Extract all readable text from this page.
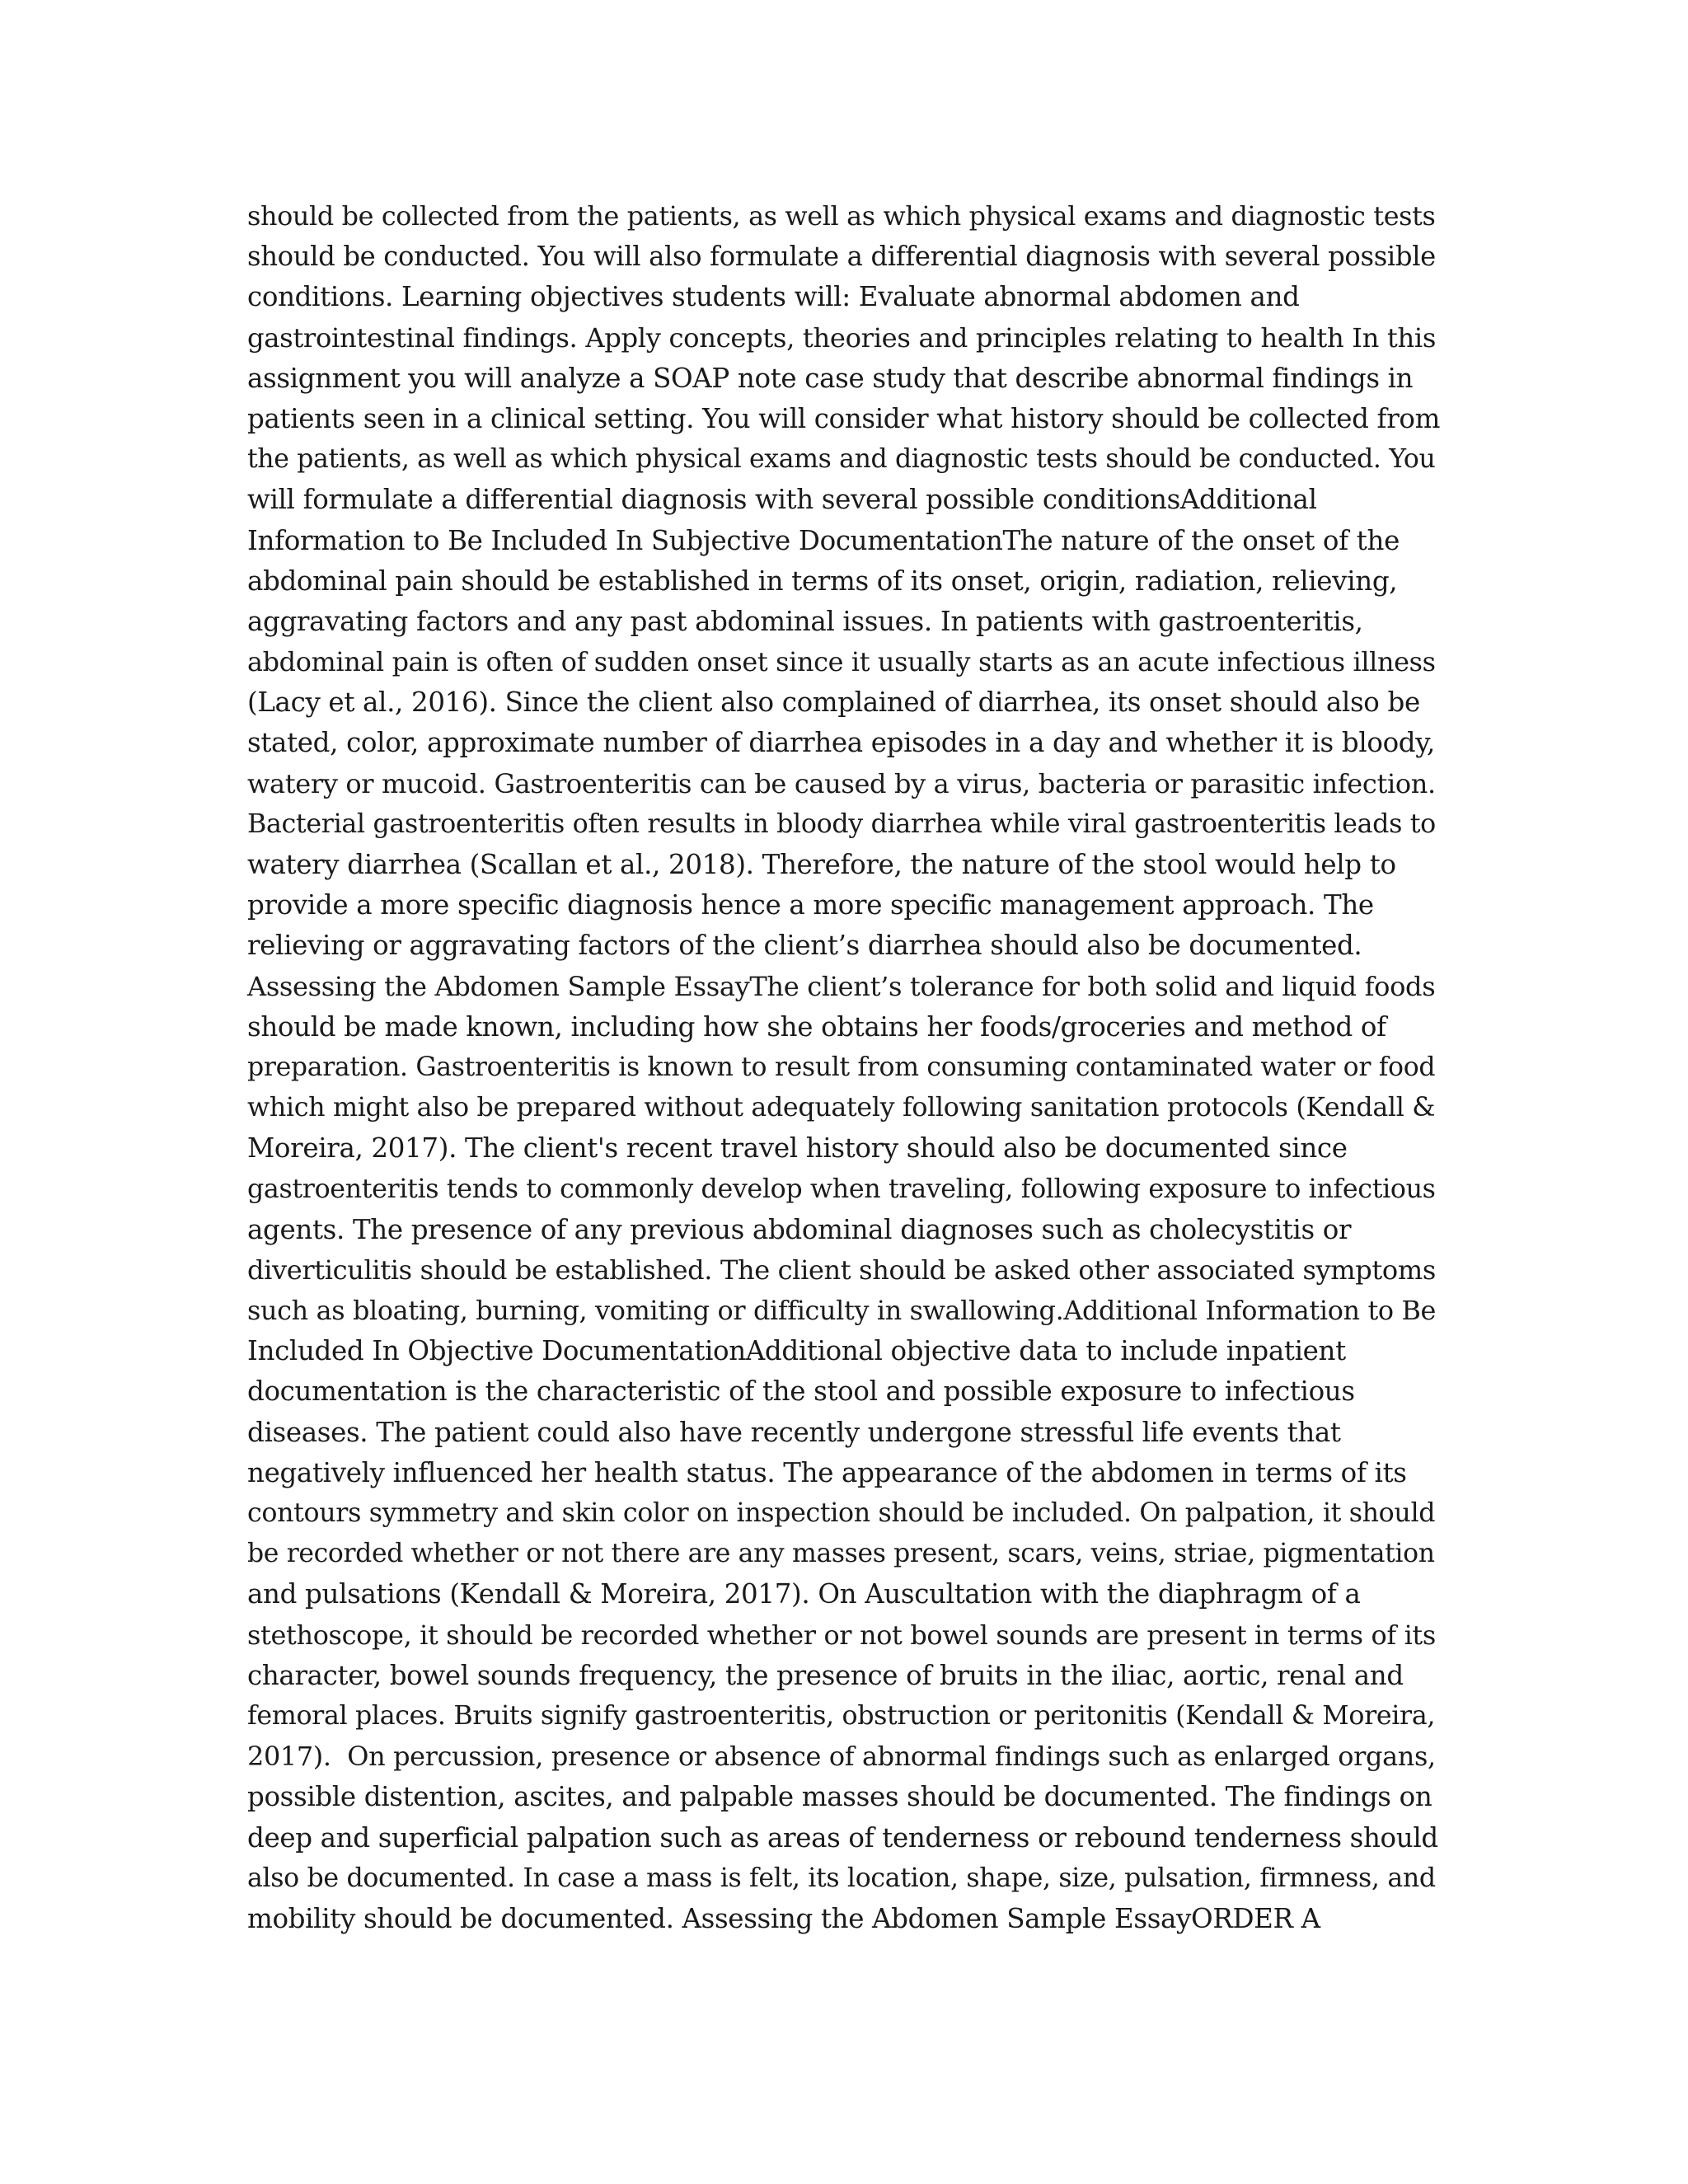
should be collected from the patients, as well as which physical exams and diagnostic tests
should be conducted. You will also formulate a differential diagnosis with several possible
conditions. Learning objectives students will: Evaluate abnormal abdomen and
gastrointestinal findings. Apply concepts, theories and principles relating to health In this
assignment you will analyze a SOAP note case study that describe abnormal findings in
patients seen in a clinical setting. You will consider what history should be collected from
the patients, as well as which physical exams and diagnostic tests should be conducted. You
will formulate a differential diagnosis with several possible conditionsAdditional
Information to Be Included In Subjective DocumentationThe nature of the onset of the
abdominal pain should be established in terms of its onset, origin, radiation, relieving,
aggravating factors and any past abdominal issues. In patients with gastroenteritis,
abdominal pain is often of sudden onset since it usually starts as an acute infectious illness
(Lacy et al., 2016). Since the client also complained of diarrhea, its onset should also be
stated, color, approximate number of diarrhea episodes in a day and whether it is bloody,
watery or mucoid. Gastroenteritis can be caused by a virus, bacteria or parasitic infection.
Bacterial gastroenteritis often results in bloody diarrhea while viral gastroenteritis leads to
watery diarrhea (Scallan et al., 2018). Therefore, the nature of the stool would help to
provide a more specific diagnosis hence a more specific management approach. The
relieving or aggravating factors of the client’s diarrhea should also be documented.
Assessing the Abdomen Sample EssayThe client’s tolerance for both solid and liquid foods
should be made known, including how she obtains her foods/groceries and method of
preparation. Gastroenteritis is known to result from consuming contaminated water or food
which might also be prepared without adequately following sanitation protocols (Kendall &
Moreira, 2017). The client's recent travel history should also be documented since
gastroenteritis tends to commonly develop when traveling, following exposure to infectious
agents. The presence of any previous abdominal diagnoses such as cholecystitis or
diverticulitis should be established. The client should be asked other associated symptoms
such as bloating, burning, vomiting or difficulty in swallowing.Additional Information to Be
Included In Objective DocumentationAdditional objective data to include inpatient
documentation is the characteristic of the stool and possible exposure to infectious
diseases. The patient could also have recently undergone stressful life events that
negatively influenced her health status. The appearance of the abdomen in terms of its
contours symmetry and skin color on inspection should be included. On palpation, it should
be recorded whether or not there are any masses present, scars, veins, striae, pigmentation
and pulsations (Kendall & Moreira, 2017). On Auscultation with the diaphragm of a
stethoscope, it should be recorded whether or not bowel sounds are present in terms of its
character, bowel sounds frequency, the presence of bruits in the iliac, aortic, renal and
femoral places. Bruits signify gastroenteritis, obstruction or peritonitis (Kendall & Moreira,
2017).  On percussion, presence or absence of abnormal findings such as enlarged organs,
possible distention, ascites, and palpable masses should be documented. The findings on
deep and superficial palpation such as areas of tenderness or rebound tenderness should
also be documented. In case a mass is felt, its location, shape, size, pulsation, firmness, and
mobility should be documented. Assessing the Abdomen Sample EssayORDER A
